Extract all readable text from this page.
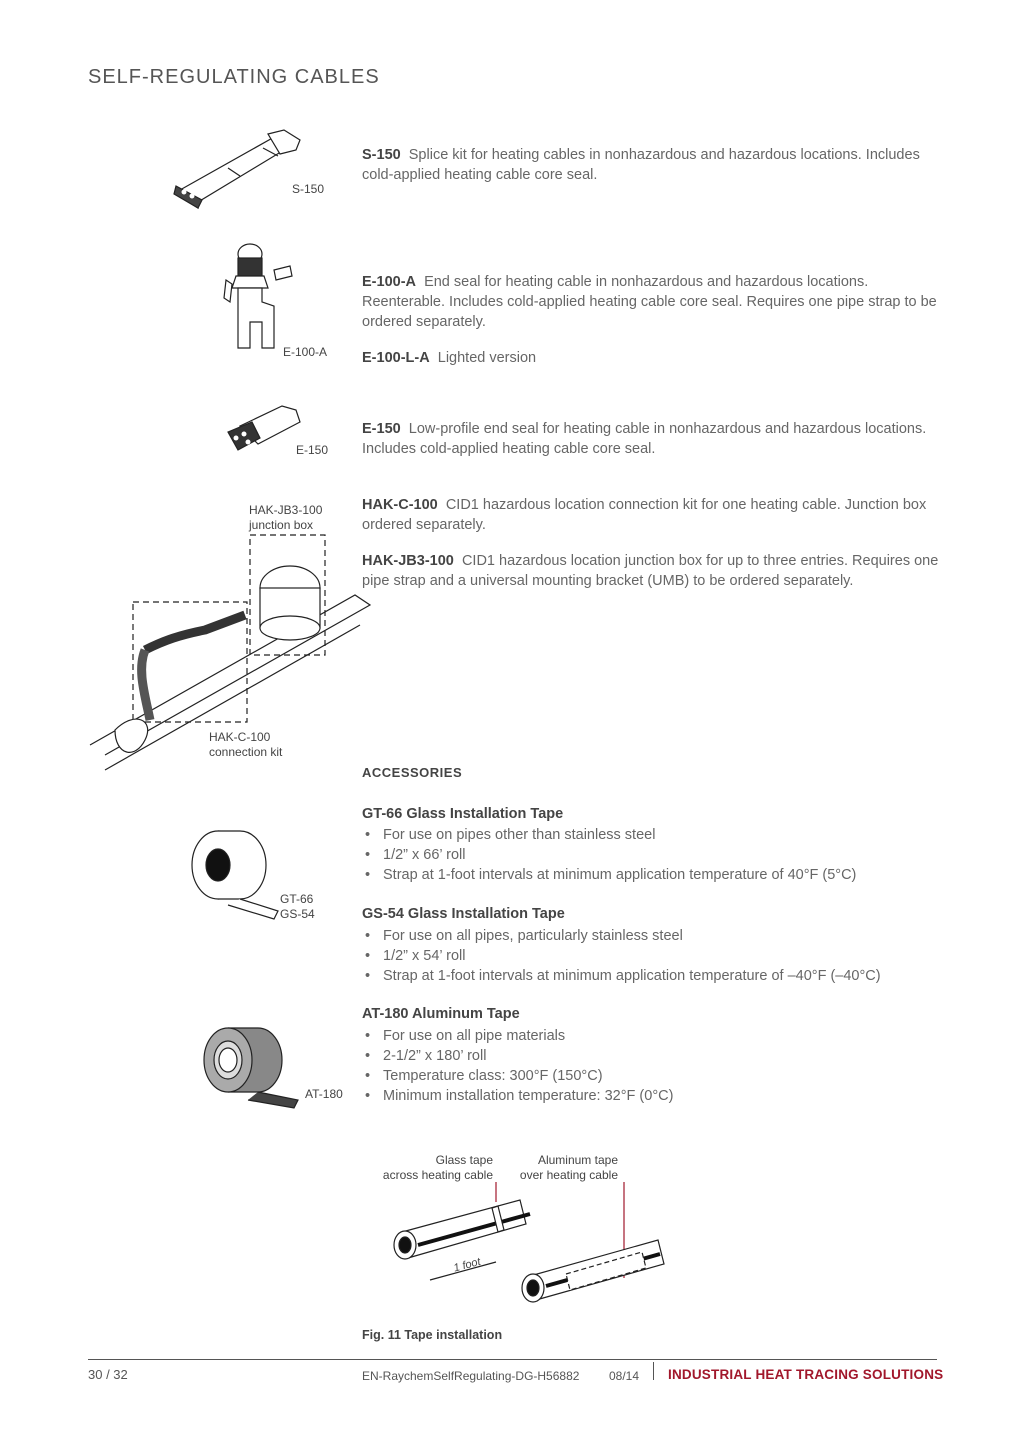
SELF-REGULATING CABLES
S-150
S-150 Splice kit for heating cables in nonhazardous and hazardous locations. Includes cold-applied heating cable core seal.
E-100-A
E-100-A End seal for heating cable in nonhazardous and hazardous locations. Reenterable. Includes cold-applied heating cable core seal. Requires one pipe strap to be ordered separately.
E-100-L-A Lighted version
E-150
E-150 Low-profile end seal for heating cable in nonhazardous and hazardous locations. Includes cold-applied heating cable core seal.
HAK-JB3-100
junction box
HAK-C-100
connection kit
HAK-C-100 CID1 hazardous location connection kit for one heating cable. Junction box ordered separately.
HAK-JB3-100 CID1 hazardous location junction box for up to three entries. Requires one pipe strap and a universal mounting bracket (UMB) to be ordered separately.
ACCESSORIES
GT-66
GS-54
GT-66 Glass Installation Tape
• For use on pipes other than stainless steel
• 1/2” x 66’ roll
• Strap at 1-foot intervals at minimum application temperature of 40°F (5°C)
GS-54 Glass Installation Tape
• For use on all pipes, particularly stainless steel
• 1/2” x 54’ roll
• Strap at 1-foot intervals at minimum application temperature of –40°F (–40°C)
AT-180
AT-180 Aluminum Tape
• For use on all pipe materials
• 2-1/2” x 180’ roll
• Temperature class: 300°F (150°C)
• Minimum installation temperature: 32°F (0°C)
Glass tape
across heating cable
Aluminum tape
over heating cable
1 foot
Fig. 11 Tape installation
30 / 32	EN-RaychemSelfRegulating-DG-H56882 08/14 INDUSTRIAL HEAT TRACING SOLUTIONS
